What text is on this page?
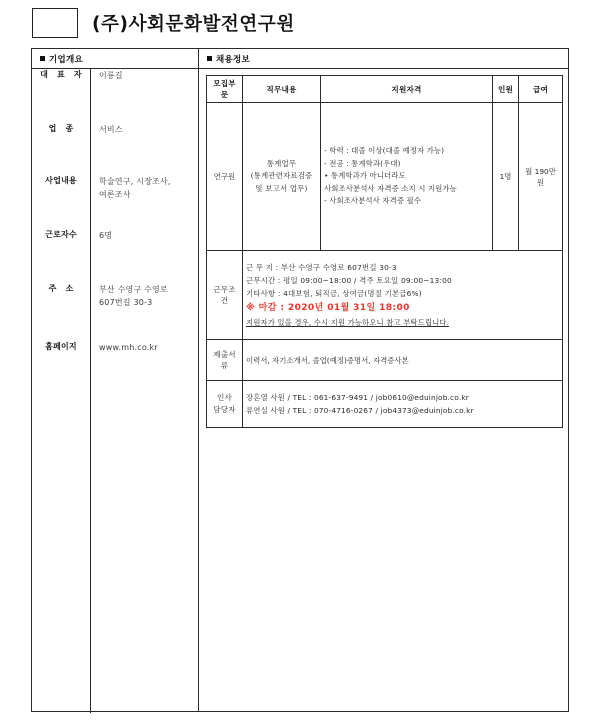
(주)사회문화발전연구원
기업개요	채용정보
대 표 자	이룡길

업 종	서비스

사업내용	학술연구, 시장조사,
여론조사

근로자수	6명

주 소	부산 수영구 수영로
607번길 30-3

홈페이지	www.mh.co.kr
모집부문	직무내용	지원자격	인원	급여
연구원	통계업무
(통계관련자료검증
및 보고서 업무)	- 학력 : 대졸 이상(대졸 예정자 가능)
- 전공 : 통계학과(우대)
• 통계학과가 아니더라도
사회조사분석사 자격증 소지 시 지원가능
- 사회조사분석사 자격증 필수	1명	월 190만원
근무조건	근 무 지 : 부산 수영구 수영로 607번길 30-3
근무시간 : 평일 09:00~18:00 / 격주 토요일 09:00~13:00
기타사항 : 4대보험, 퇴직금, 상여금(명절 기본급6%)
※ 마감 : 2020년 01월 31일 18:00
지원자가 있을 경우, 수시 지원 가능하오니 참고 부탁드립니다.			

제출서류	이력서, 자기소개서, 졸업(예정)증명서, 자격증사본			

인사
담당자	장흔열 사원 / TEL : 061-637-9491 / job0610@eduinjob.co.kr
류연실 사원 / TEL : 070-4716-0267 / job4373@eduinjob.co.kr			
